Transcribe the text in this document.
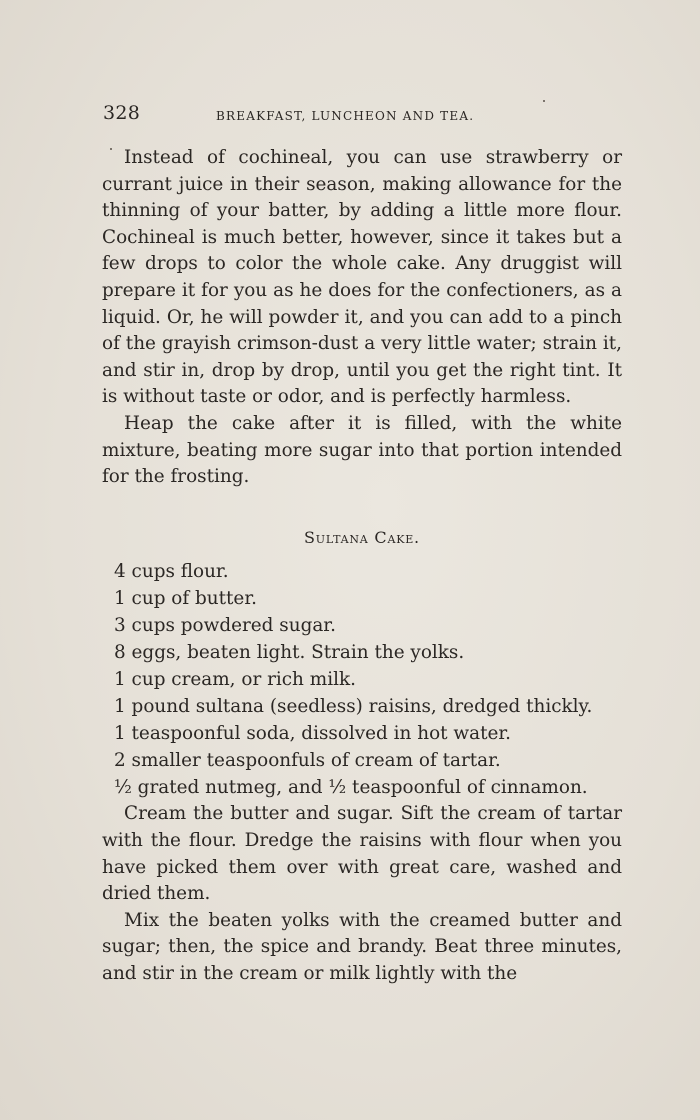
328	BREAKFAST, LUNCHEON AND TEA.

Instead of cochineal, you can use strawberry or currant juice in their season, making allowance for the thinning of your batter, by adding a little more flour. Cochineal is much better, however, since it takes but a few drops to color the whole cake. Any druggist will prepare it for you as he does for the confectioners, as a liquid. Or, he will powder it, and you can add to a pinch of the grayish crimson-dust a very little water; strain it, and stir in, drop by drop, until you get the right tint. It is without taste or odor, and is perfectly harmless.

Heap the cake after it is filled, with the white mixture, beating more sugar into that portion intended for the frosting.

Sultana Cake.
4 cups flour.
1 cup of butter.
3 cups powdered sugar.
8 eggs, beaten light. Strain the yolks.
1 cup cream, or rich milk.
1 pound sultana (seedless) raisins, dredged thickly.
1 teaspoonful soda, dissolved in hot water.
2 smaller teaspoonfuls of cream of tartar.
½ grated nutmeg, and ½ teaspoonful of cinnamon.

Cream the butter and sugar. Sift the cream of tartar with the flour. Dredge the raisins with flour when you have picked them over with great care, washed and dried them.

Mix the beaten yolks with the creamed butter and sugar; then, the spice and brandy. Beat three minutes, and stir in the cream or milk lightly with the
